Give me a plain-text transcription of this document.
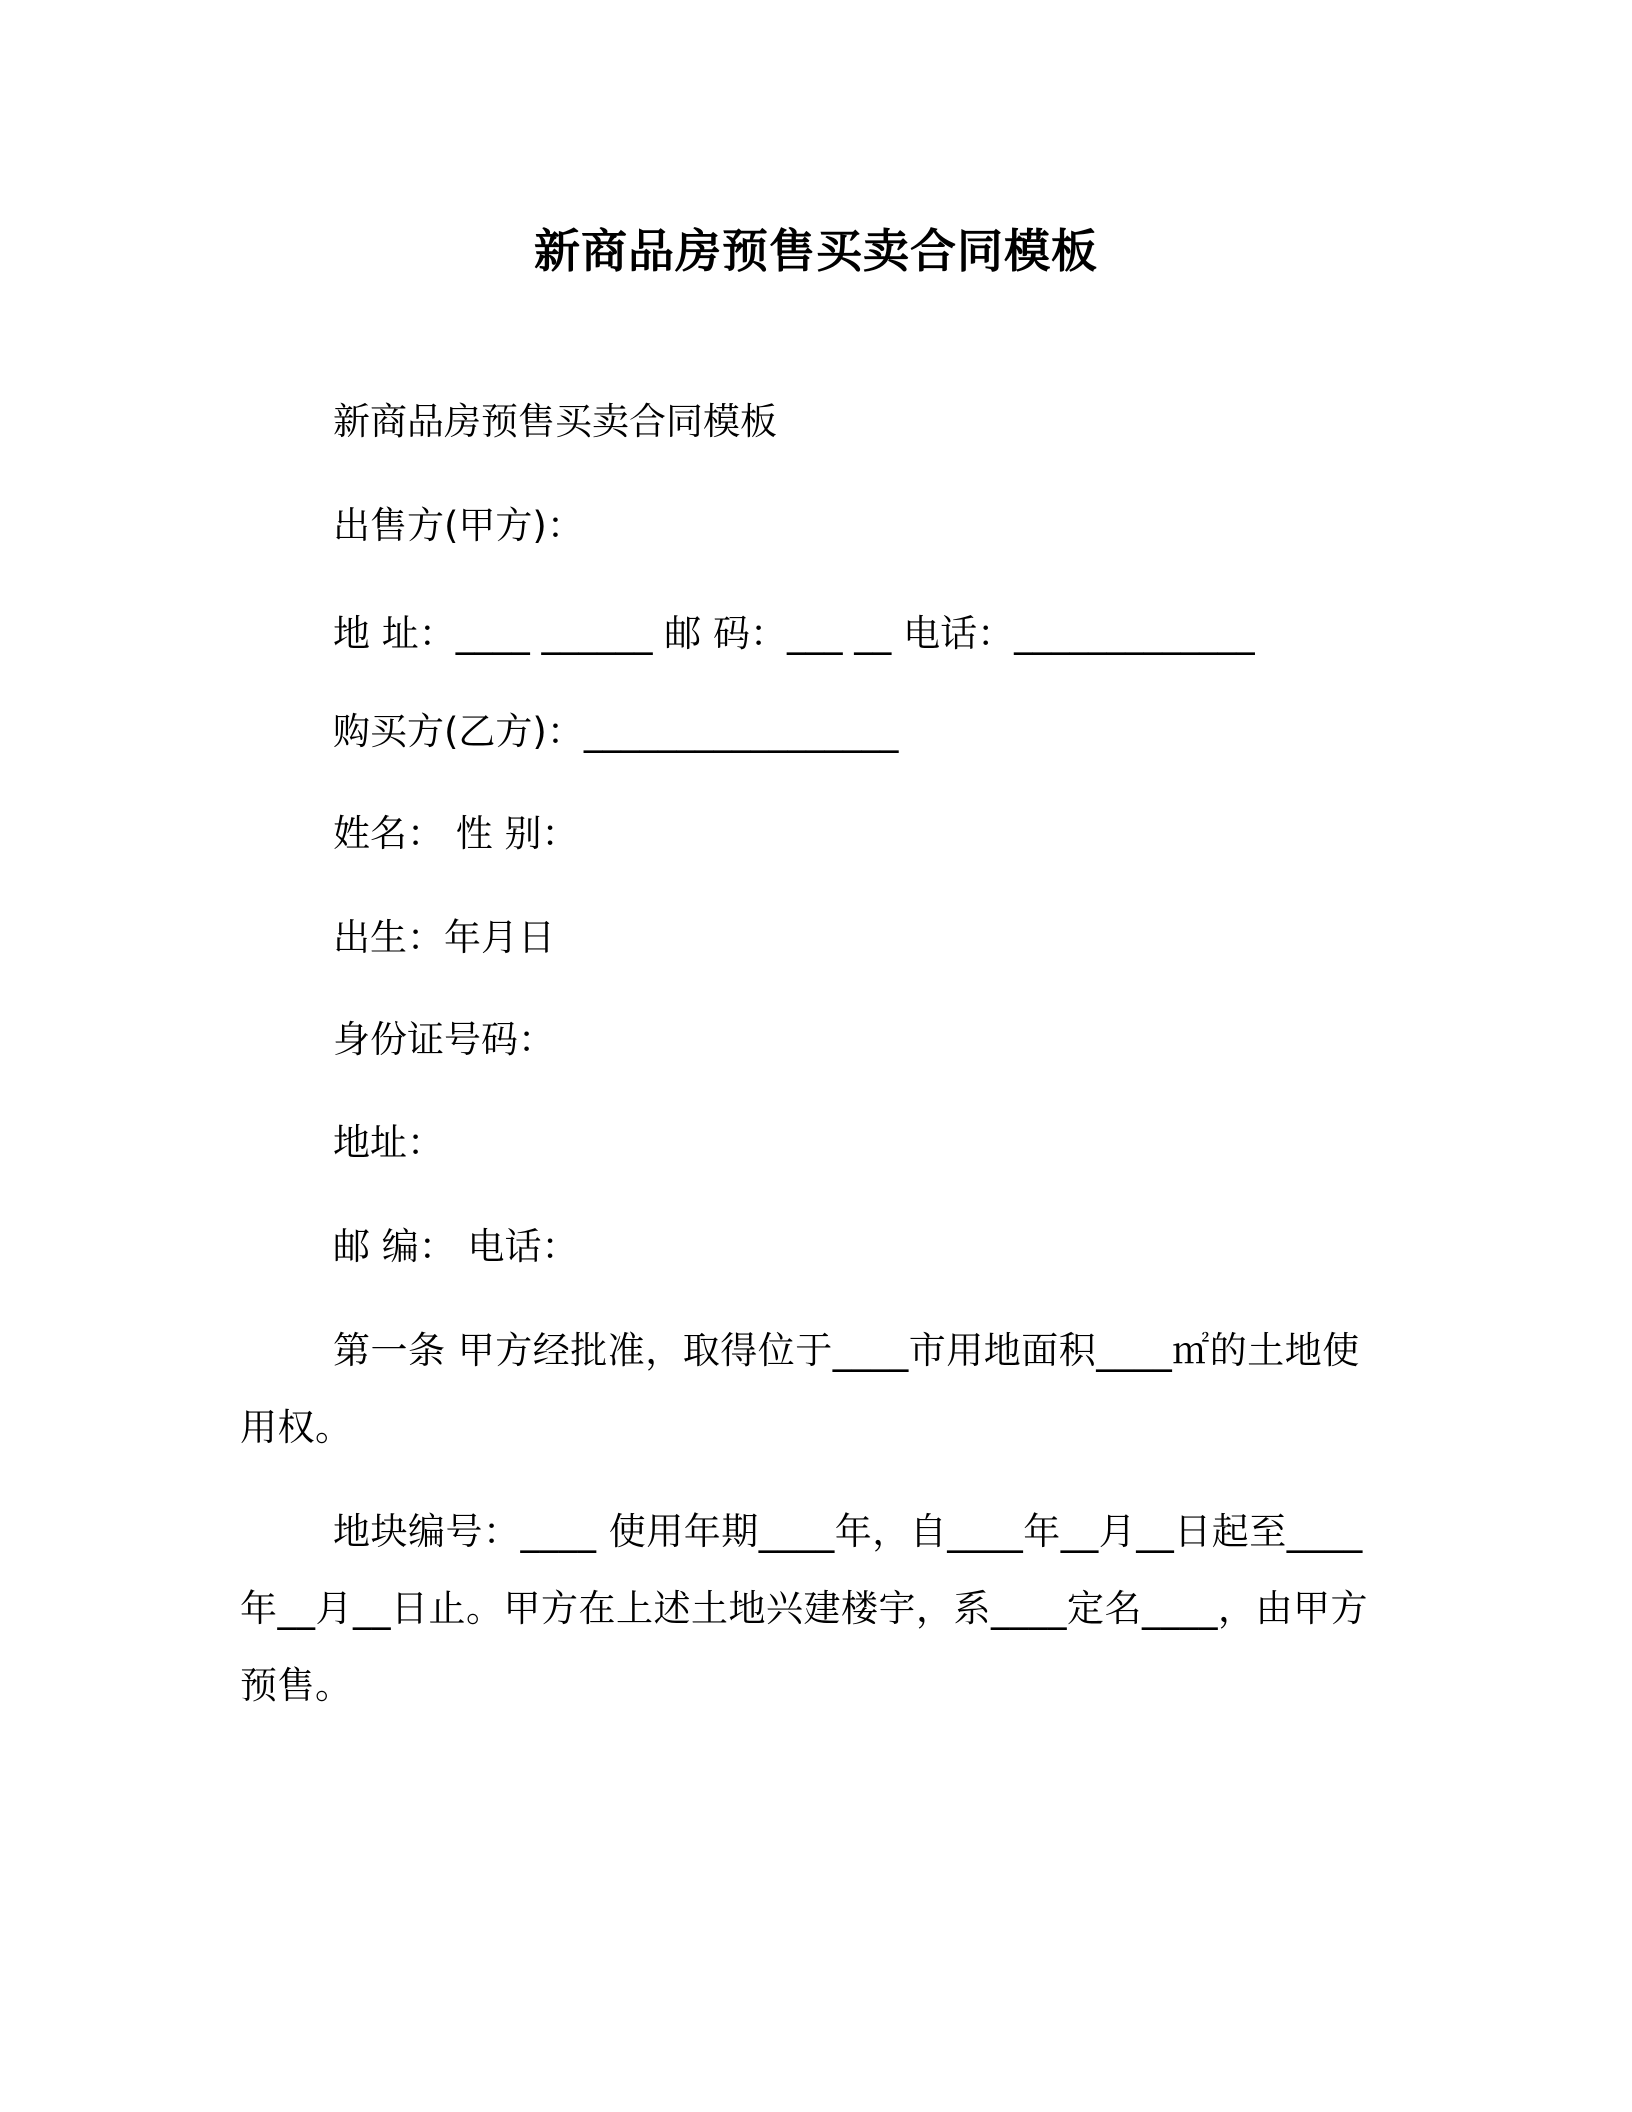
新商品房预售买卖合同模板
新商品房预售买卖合同模板
出售方(甲方)：
地 址：____ ______ 邮 码：___ __ 电话：_____________
购买方(乙方)：_________________
姓名： 性 别：
出生：年月日
身份证号码：
地址：
邮 编： 电话：
第一条 甲方经批准，取得位于____市用地面积____㎡的土地使用权。
地块编号：____ 使用年期____年，自____年__月__日起至____年__月__日止。甲方在上述土地兴建楼宇，系____定名____，由甲方预售。
